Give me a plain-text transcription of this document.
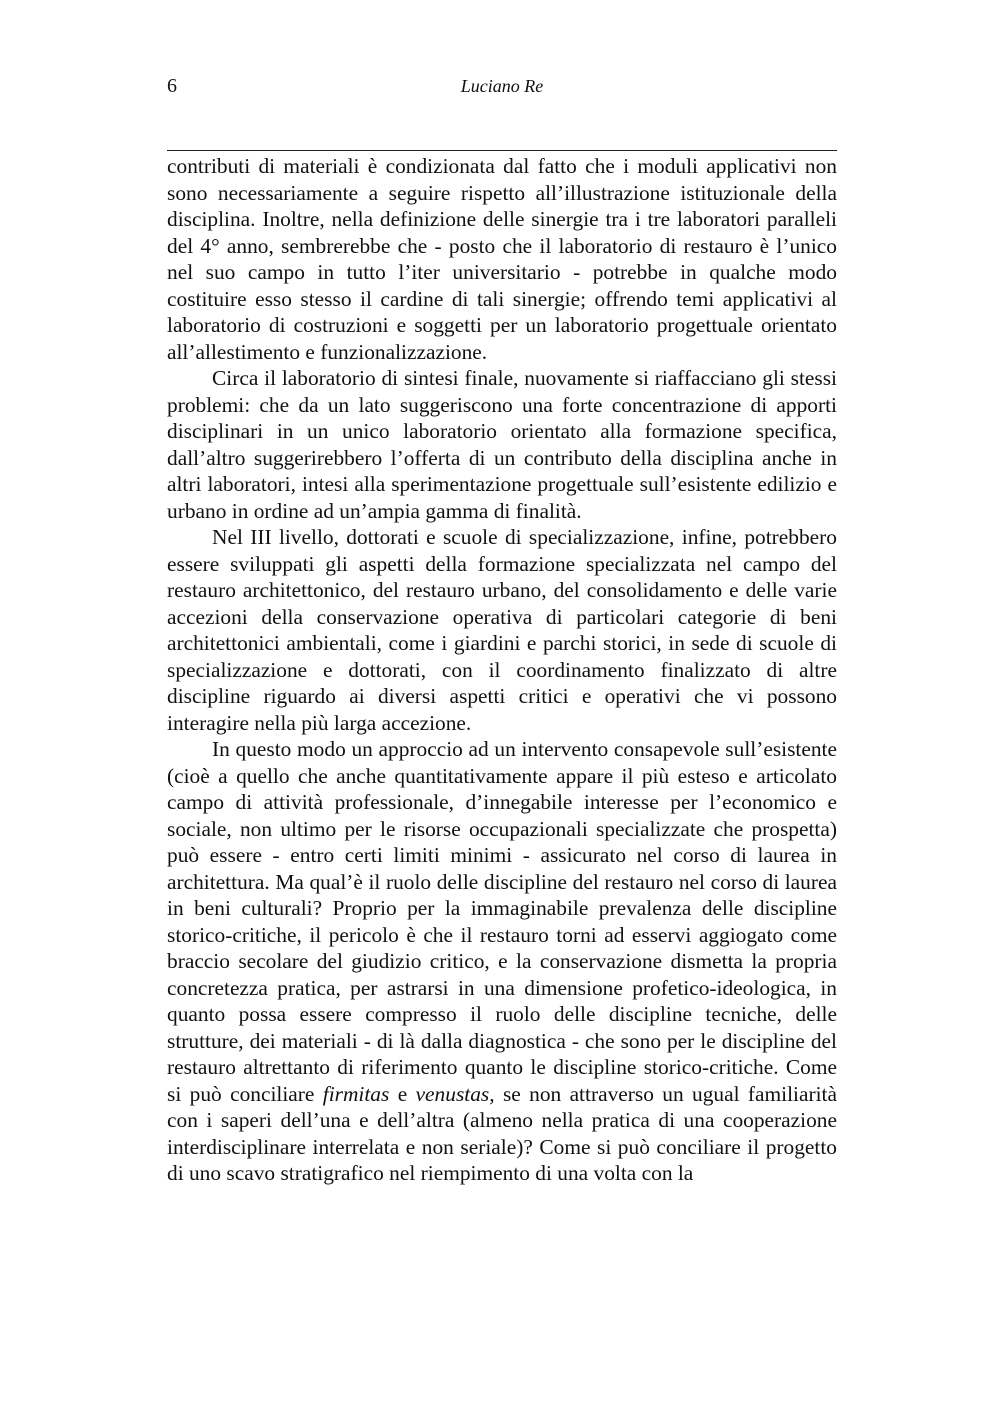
6	Luciano Re

contributi di materiali è condizionata dal fatto che i moduli applicativi non sono necessariamente a seguire rispetto all’illustrazione istituzionale della disciplina. Inoltre, nella definizione delle sinergie tra i tre laboratori paralleli del 4° anno, sembrerebbe che - posto che il laboratorio di restauro è l’unico nel suo campo in tutto l’iter universitario - potrebbe in qualche modo costituire esso stesso il cardine di tali sinergie; offrendo temi applicativi al laboratorio di costruzioni e soggetti per un laboratorio progettuale orientato all’allestimento e funzionalizzazione.

Circa il laboratorio di sintesi finale, nuovamente si riaffacciano gli stessi problemi: che da un lato suggeriscono una forte concentrazione di apporti disciplinari in un unico laboratorio orientato alla formazione specifica, dall’altro suggerirebbero l’offerta di un contributo della disciplina anche in altri laboratori, intesi alla sperimentazione progettuale sull’esistente edilizio e urbano in ordine ad un’ampia gamma di finalità.

Nel III livello, dottorati e scuole di specializzazione, infine, potrebbero essere sviluppati gli aspetti della formazione specializzata nel campo del restauro architettonico, del restauro urbano, del consolidamento e delle varie accezioni della conservazione operativa di particolari categorie di beni architettonici ambientali, come i giardini e parchi storici, in sede di scuole di specializzazione e dottorati, con il coordinamento finalizzato di altre discipline riguardo ai diversi aspetti critici e operativi che vi possono interagire nella più larga accezione.

In questo modo un approccio ad un intervento consapevole sull’esistente (cioè a quello che anche quantitativamente appare il più esteso e articolato campo di attività professionale, d’innegabile interesse per l’economico e sociale, non ultimo per le risorse occupazionali specializzate che prospetta) può essere - entro certi limiti minimi - assicurato nel corso di laurea in architettura. Ma qual’è il ruolo delle discipline del restauro nel corso di laurea in beni culturali? Proprio per la immaginabile prevalenza delle discipline storico-critiche, il pericolo è che il restauro torni ad esservi aggiogato come braccio secolare del giudizio critico, e la conservazione dismetta la propria concretezza pratica, per astrarsi in una dimensione profetico-ideologica, in quanto possa essere compresso il ruolo delle discipline tecniche, delle strutture, dei materiali - di là dalla diagnostica - che sono per le discipline del restauro altrettanto di riferimento quanto le discipline storico-critiche. Come si può conciliare firmitas e venustas, se non attraverso un ugual familiarità con i saperi dell’una e dell’altra (almeno nella pratica di una cooperazione interdisciplinare interrelata e non seriale)? Come si può conciliare il progetto di uno scavo stratigrafico nel riempimento di una volta con la
